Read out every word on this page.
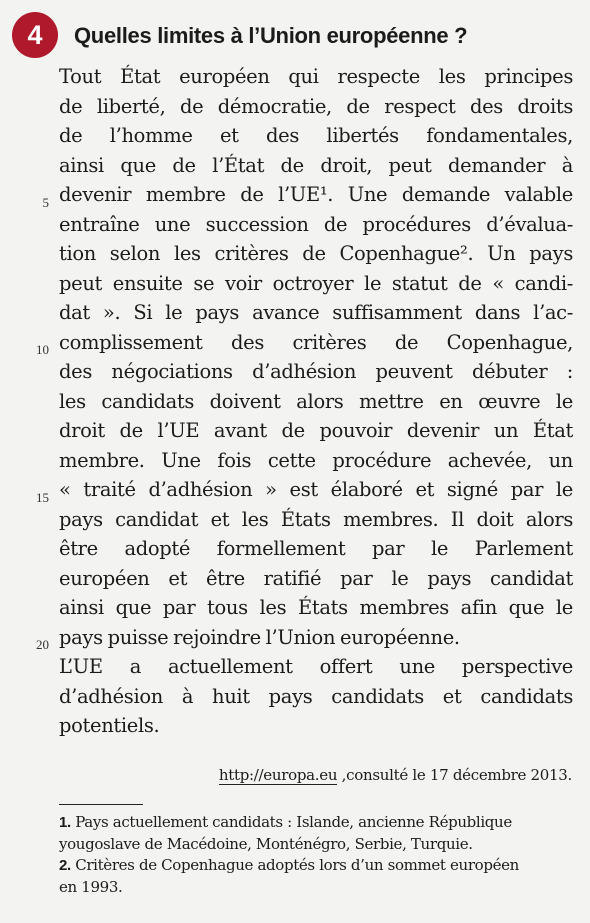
4	Quelles limites à l’Union européenne ?
Tout État européen qui respecte les principes
de liberté, de démocratie, de respect des droits
de l’homme et des libertés fondamentales,
ainsi que de l’État de droit, peut demander à
devenir membre de l’UE¹. Une demande valable
entraîne une succession de procédures d’évalua-
tion selon les critères de Copenhague². Un pays
peut ensuite se voir octroyer le statut de « candi-
dat ». Si le pays avance suffisamment dans l’ac-
complissement des critères de Copenhague,
des négociations d’adhésion peuvent débuter :
les candidats doivent alors mettre en œuvre le
droit de l’UE avant de pouvoir devenir un État
membre. Une fois cette procédure achevée, un
« traité d’adhésion » est élaboré et signé par le
pays candidat et les États membres. Il doit alors
être adopté formellement par le Parlement
européen et être ratifié par le pays candidat
ainsi que par tous les États membres afin que le
pays puisse rejoindre l’Union européenne.
L’UE a actuellement offert une perspective
d’adhésion à huit pays candidats et candidats
potentiels.
5
10
15
20
http://europa.eu ,consulté le 17 décembre 2013.
1. Pays actuellement candidats : Islande, ancienne République
yougoslave de Macédoine, Monténégro, Serbie, Turquie.
2. Critères de Copenhague adoptés lors d’un sommet européen
en 1993.
